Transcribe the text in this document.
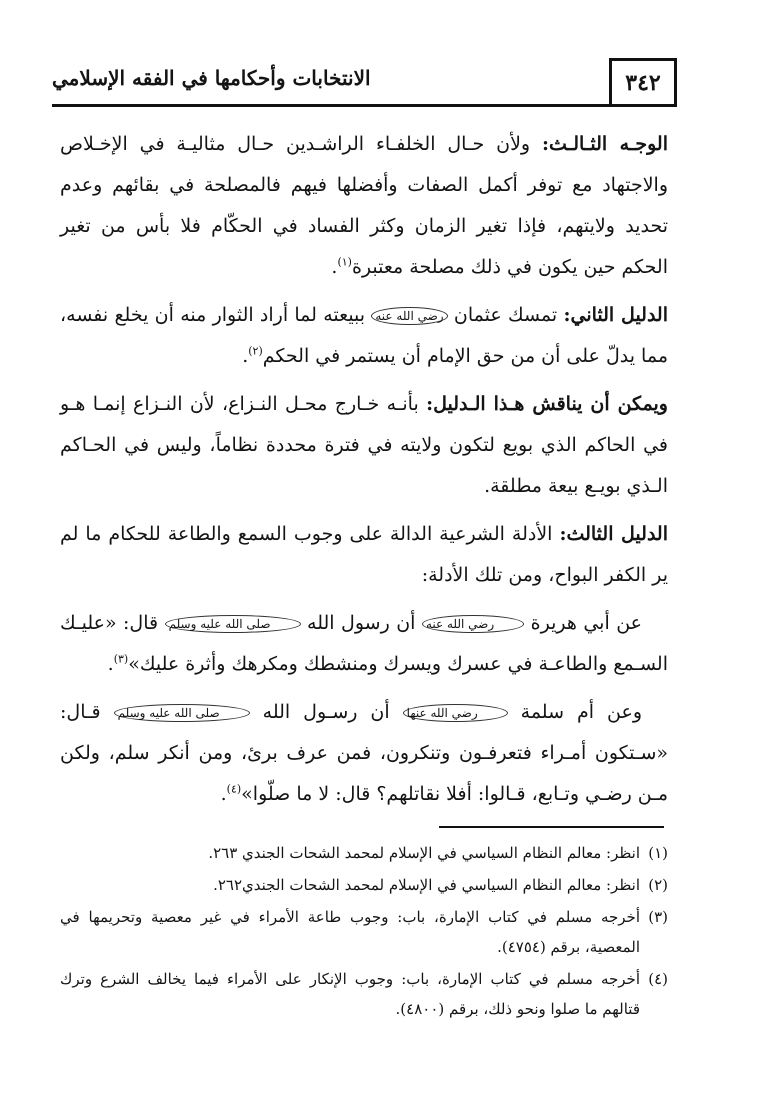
٣٤٢
الانتخابات وأحكامها في الفقه الإسلامي

الوجـه الثـالـث: ولأن حـال الخلفـاء الراشـدين حـال مثاليـة في الإخـلاص والاجتهاد مع توفر أكمل الصفات وأفضلها فيهم فالمصلحة في بقائهم وعدم تحديد ولايتهم، فإذا تغير الزمان وكثر الفساد في الحكّام فلا بأس من تغير الحكم حين يكون في ذلك مصلحة معتبرة$^{(١)}$.

الدليل الثاني: تمسك عثمان رضي الله عنه ببيعته لما أراد الثوار منه أن يخلع نفسه، مما يدلّ على أن من حق الإمام أن يستمر في الحكم$^{(٢)}$.

ويمكن أن يناقش هـذا الـدليل: بأنـه خـارج محـل النـزاع، لأن النـزاع إنمـا هـو في الحاكم الذي بويع لتكون ولايته في فترة محددة نظاماً، وليس في الحـاكم الـذي بويـع بيعة مطلقة.

الدليل الثالث: الأدلة الشرعية الدالة على وجوب السمع والطاعة للحكام ما لم ير الكفر البواح، ومن تلك الأدلة:

عن أبي هريرة رضي الله عنه أن رسول الله صلى الله عليه وسلم قال: «عليـك السـمع والطاعـة في عسرك ويسرك ومنشطك ومكرهك وأثرة عليك»$^{(٣)}$.

وعن أم سلمة رضي الله عنها أن رسـول الله صلى الله عليه وسلم قـال: «سـتكون أمـراء فتعرفـون وتنكرون، فمن عرف برئ، ومن أنكر سلم، ولكن مـن رضـي وتـابع، قـالوا: أفلا نقاتلهم؟ قال: لا ما صلّوا»$^{(٤)}$.

(١)
انظر: معالم النظام السياسي في الإسلام لمحمد الشحات الجندي ٢٦٣.

(٢)
انظر: معالم النظام السياسي في الإسلام لمحمد الشحات الجندي٢٦٢.

(٣)
أخرجه مسلم في كتاب الإمارة، باب: وجوب طاعة الأمراء في غير معصية وتحريمها في المعصية، برقم (٤٧٥٤).

(٤)
أخرجه مسلم في كتاب الإمارة، باب: وجوب الإنكار على الأمراء فيما يخالف الشرع وترك قتالهم ما صلوا ونحو ذلك، برقم (٤٨٠٠).
